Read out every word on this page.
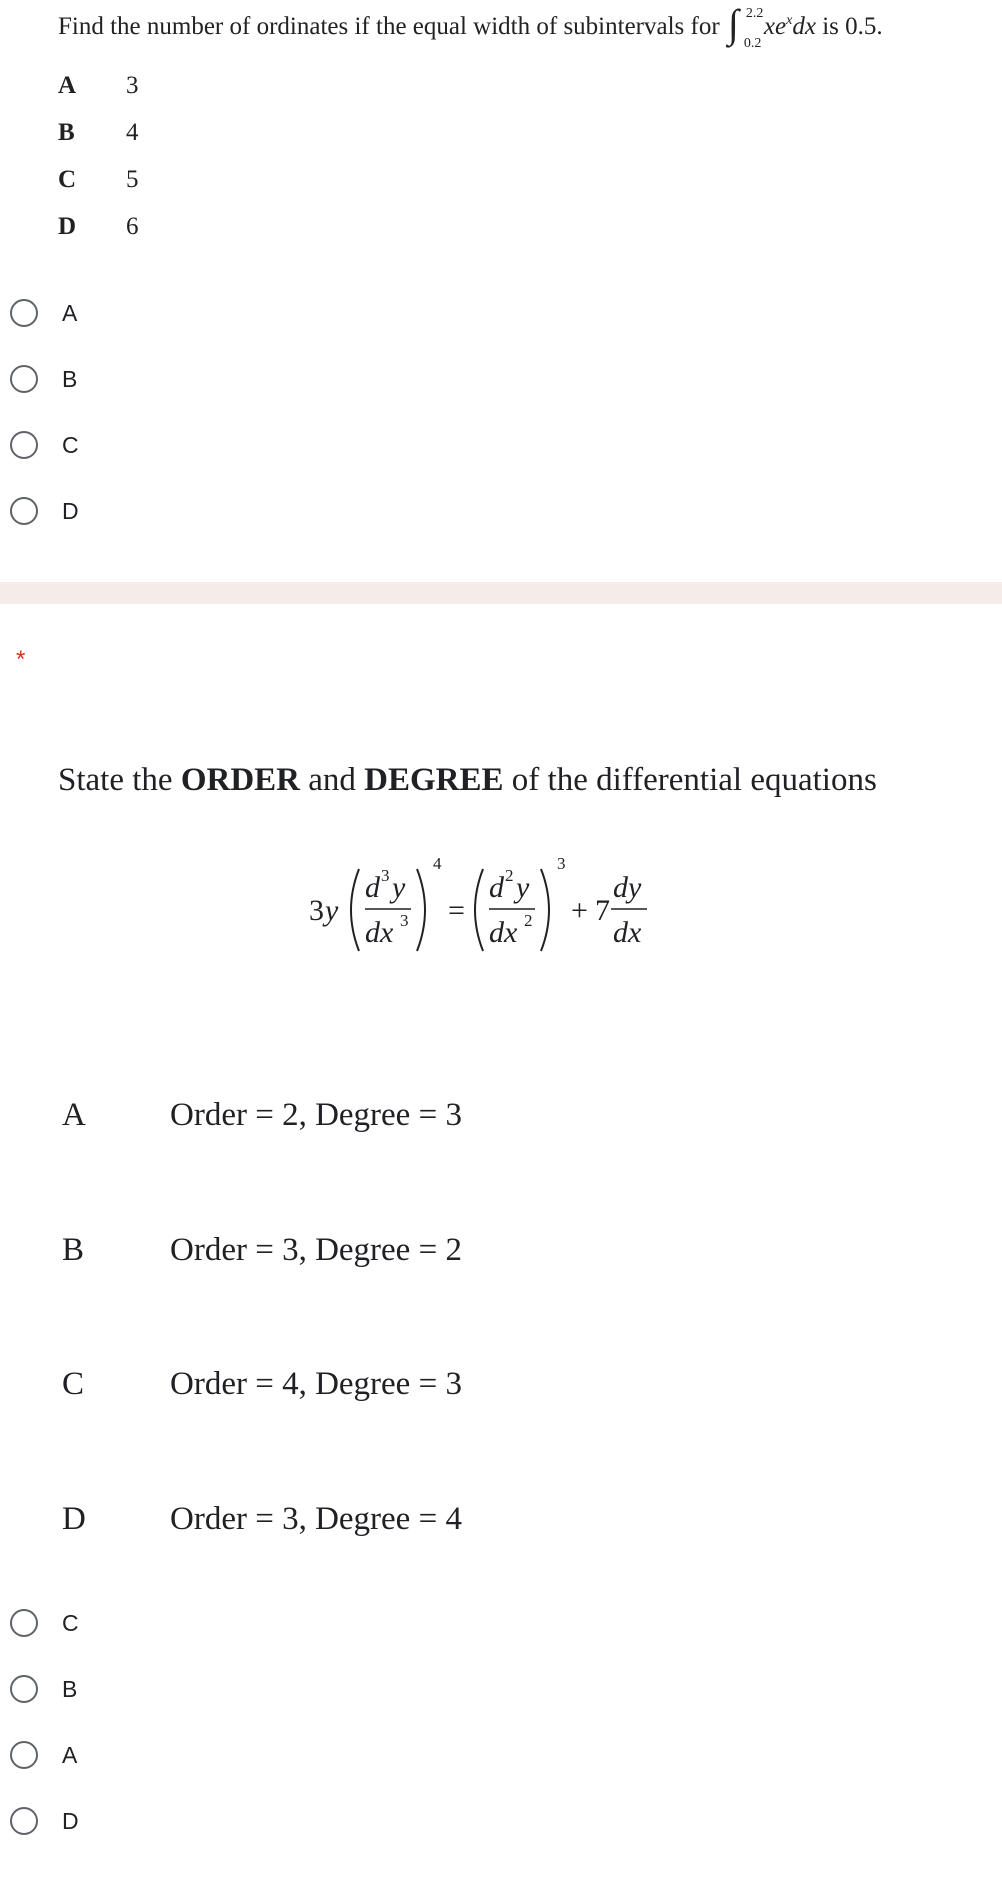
Find the number of ordinates if the equal width of subintervals for ∫ 2.2
0.2
$xe^xdx$ is 0.5.
A 3
B 4
C 5
D 6
A
B
C
D
*
State the ORDER and DEGREE of the differential equations
3 y
d 3 y
dx 3
4
=
d 2 y
dx 2
3
+ 7
dy
dx
A	Order = 2, Degree = 3
B	Order = 3, Degree = 2
C	Order = 4, Degree = 3
D	Order = 3, Degree = 4
C
B
A
D
